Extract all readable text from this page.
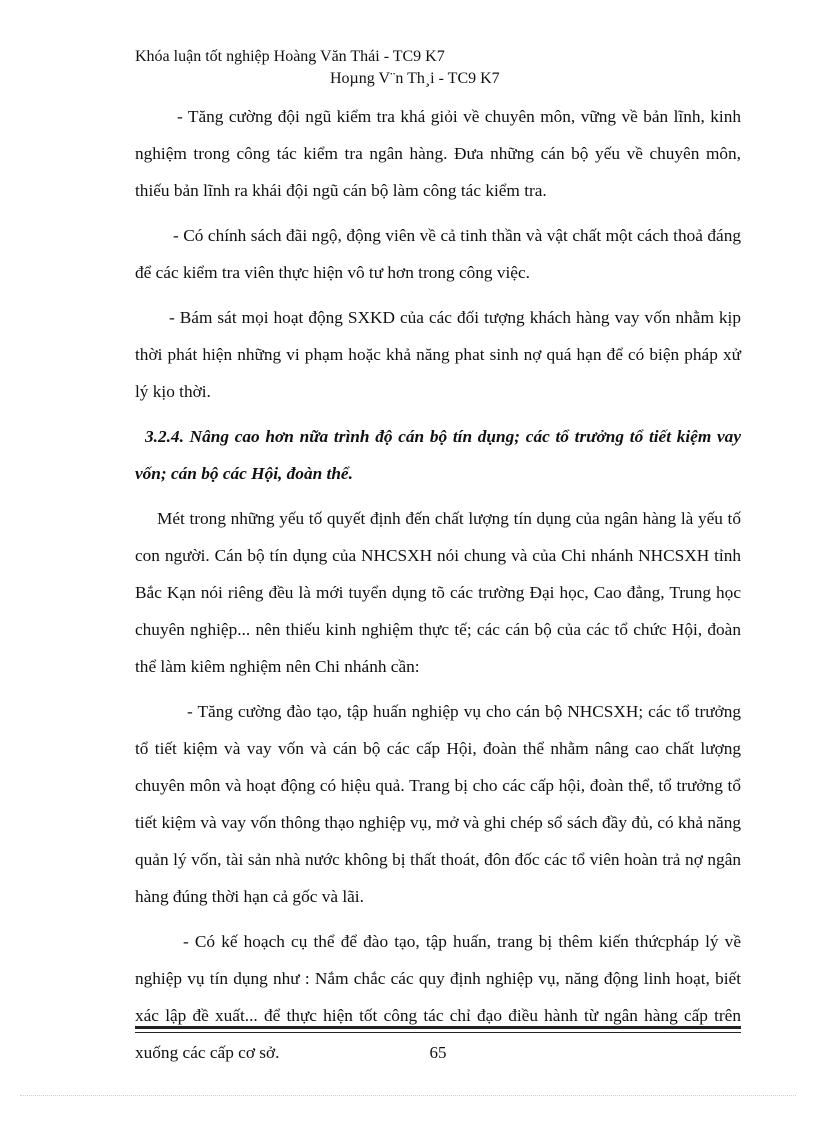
Khóa luận tốt nghiệp Hoàng Văn Thái - TC9 K7
Hoµng V¨n Th¸i - TC9 K7

- Tăng cường đội ngũ kiểm tra khá giỏi về chuyên môn, vững về bản lĩnh, kinh nghiệm trong công tác kiểm tra ngân hàng. Đưa những cán bộ yếu về chuyên môn, thiếu bản lĩnh ra khái đội ngũ cán bộ làm công tác kiểm tra.

- Có chính sách đãi ngộ, động viên về cả tinh thần và vật chất một cách thoả đáng để các kiểm tra viên thực hiện vô tư hơn trong công việc.

- Bám sát mọi hoạt động SXKD của các đối tượng khách hàng vay vốn nhằm kịp thời phát hiện những vi phạm hoặc khả năng phat sinh nợ quá hạn để có biện pháp xử lý kịo thời.

3.2.4. Nâng cao hơn nữa trình độ cán bộ tín dụng; các tổ trưởng tổ tiết kiệm vay vốn; cán bộ các Hội, đoàn thể.

Mét trong những yếu tố quyết định đến chất lượng tín dụng của ngân hàng là yếu tố con người. Cán bộ tín dụng của NHCSXH nói chung và của Chi nhánh NHCSXH tỉnh Bắc Kạn nói riêng đều là mới tuyển dụng tõ các trường Đại học, Cao đẳng, Trung học chuyên nghiệp... nên thiếu kinh nghiệm thực tế; các cán bộ của các tổ chức Hội, đoàn thể làm kiêm nghiệm nên Chi nhánh cần:

- Tăng cường đào tạo, tập huấn nghiệp vụ cho cán bộ NHCSXH; các tổ trưởng tổ tiết kiệm và vay vốn và cán bộ các cấp Hội, đoàn thể nhằm nâng cao chất lượng chuyên môn và hoạt động có hiệu quả. Trang bị cho các cấp hội, đoàn thể, tổ trưởng tổ tiết kiệm và vay vốn thông thạo nghiệp vụ, mở và ghi chép sổ sách đầy đủ, có khả năng quản lý vốn, tài sản nhà nước không bị thất thoát, đôn đốc các tổ viên hoàn trả nợ ngân hàng đúng thời hạn cả gốc và lãi.

- Có kế hoạch cụ thể để đào tạo, tập huấn, trang bị thêm kiến thứcpháp lý về nghiệp vụ tín dụng như : Nắm chắc các quy định nghiệp vụ, năng động linh hoạt, biết xác lập đề xuất... để thực hiện tốt công tác chỉ đạo điều hành từ ngân hàng cấp trên xuống các cấp cơ sở.	65
